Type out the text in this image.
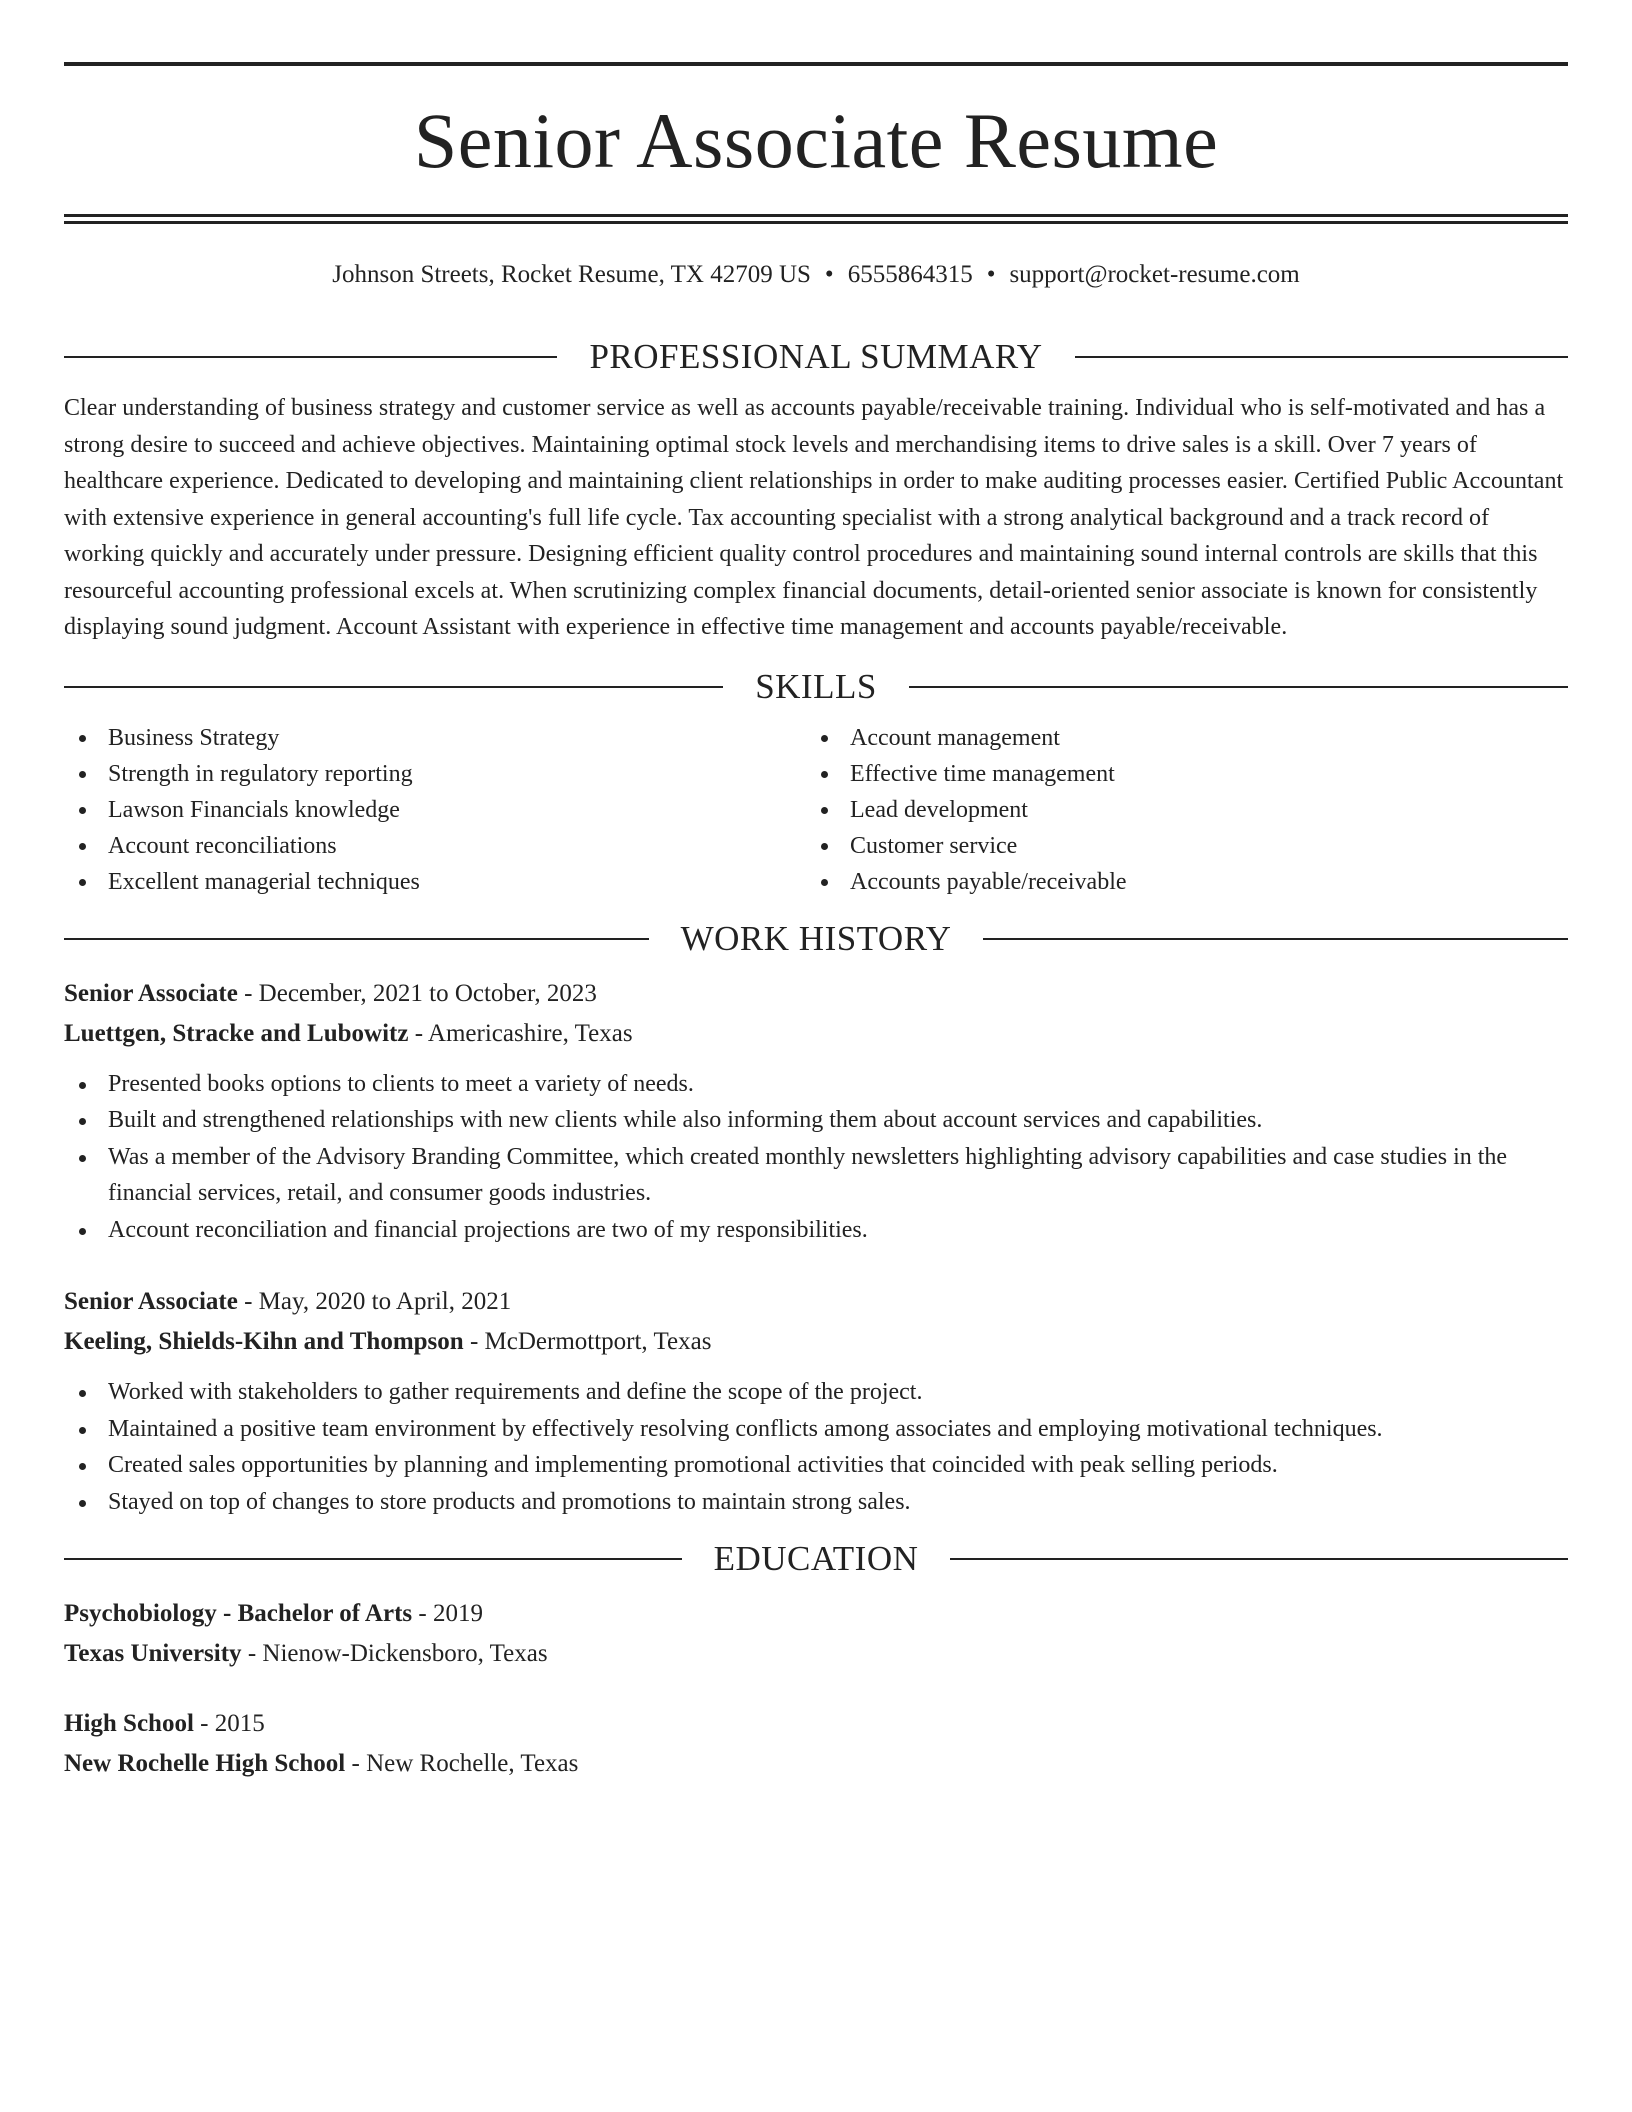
Senior Associate Resume
Johnson Streets, Rocket Resume, TX 42709 US • 6555864315 • support@rocket-resume.com
PROFESSIONAL SUMMARY

Clear understanding of business strategy and customer service as well as accounts payable/receivable training. Individual who is self-motivated and has a strong desire to succeed and achieve objectives. Maintaining optimal stock levels and merchandising items to drive sales is a skill. Over 7 years of healthcare experience. Dedicated to developing and maintaining client relationships in order to make auditing processes easier. Certified Public Accountant with extensive experience in general accounting's full life cycle. Tax accounting specialist with a strong analytical background and a track record of working quickly and accurately under pressure. Designing efficient quality control procedures and maintaining sound internal controls are skills that this resourceful accounting professional excels at. When scrutinizing complex financial documents, detail-oriented senior associate is known for consistently displaying sound judgment. Account Assistant with experience in effective time management and accounts payable/receivable.

SKILLS
Business Strategy
Strength in regulatory reporting
Lawson Financials knowledge
Account reconciliations
Excellent managerial techniques
Account management
Effective time management
Lead development
Customer service
Accounts payable/receivable
WORK HISTORY
Senior Associate - December, 2021 to October, 2023
Luettgen, Stracke and Lubowitz - Americashire, Texas
Presented books options to clients to meet a variety of needs.
Built and strengthened relationships with new clients while also informing them about account services and capabilities.
Was a member of the Advisory Branding Committee, which created monthly newsletters highlighting advisory capabilities and case studies in the financial services, retail, and consumer goods industries.
Account reconciliation and financial projections are two of my responsibilities.
Senior Associate - May, 2020 to April, 2021
Keeling, Shields-Kihn and Thompson - McDermottport, Texas
Worked with stakeholders to gather requirements and define the scope of the project.
Maintained a positive team environment by effectively resolving conflicts among associates and employing motivational techniques.
Created sales opportunities by planning and implementing promotional activities that coincided with peak selling periods.
Stayed on top of changes to store products and promotions to maintain strong sales.
EDUCATION
Psychobiology - Bachelor of Arts - 2019
Texas University - Nienow-Dickensboro, Texas
High School - 2015
New Rochelle High School - New Rochelle, Texas
